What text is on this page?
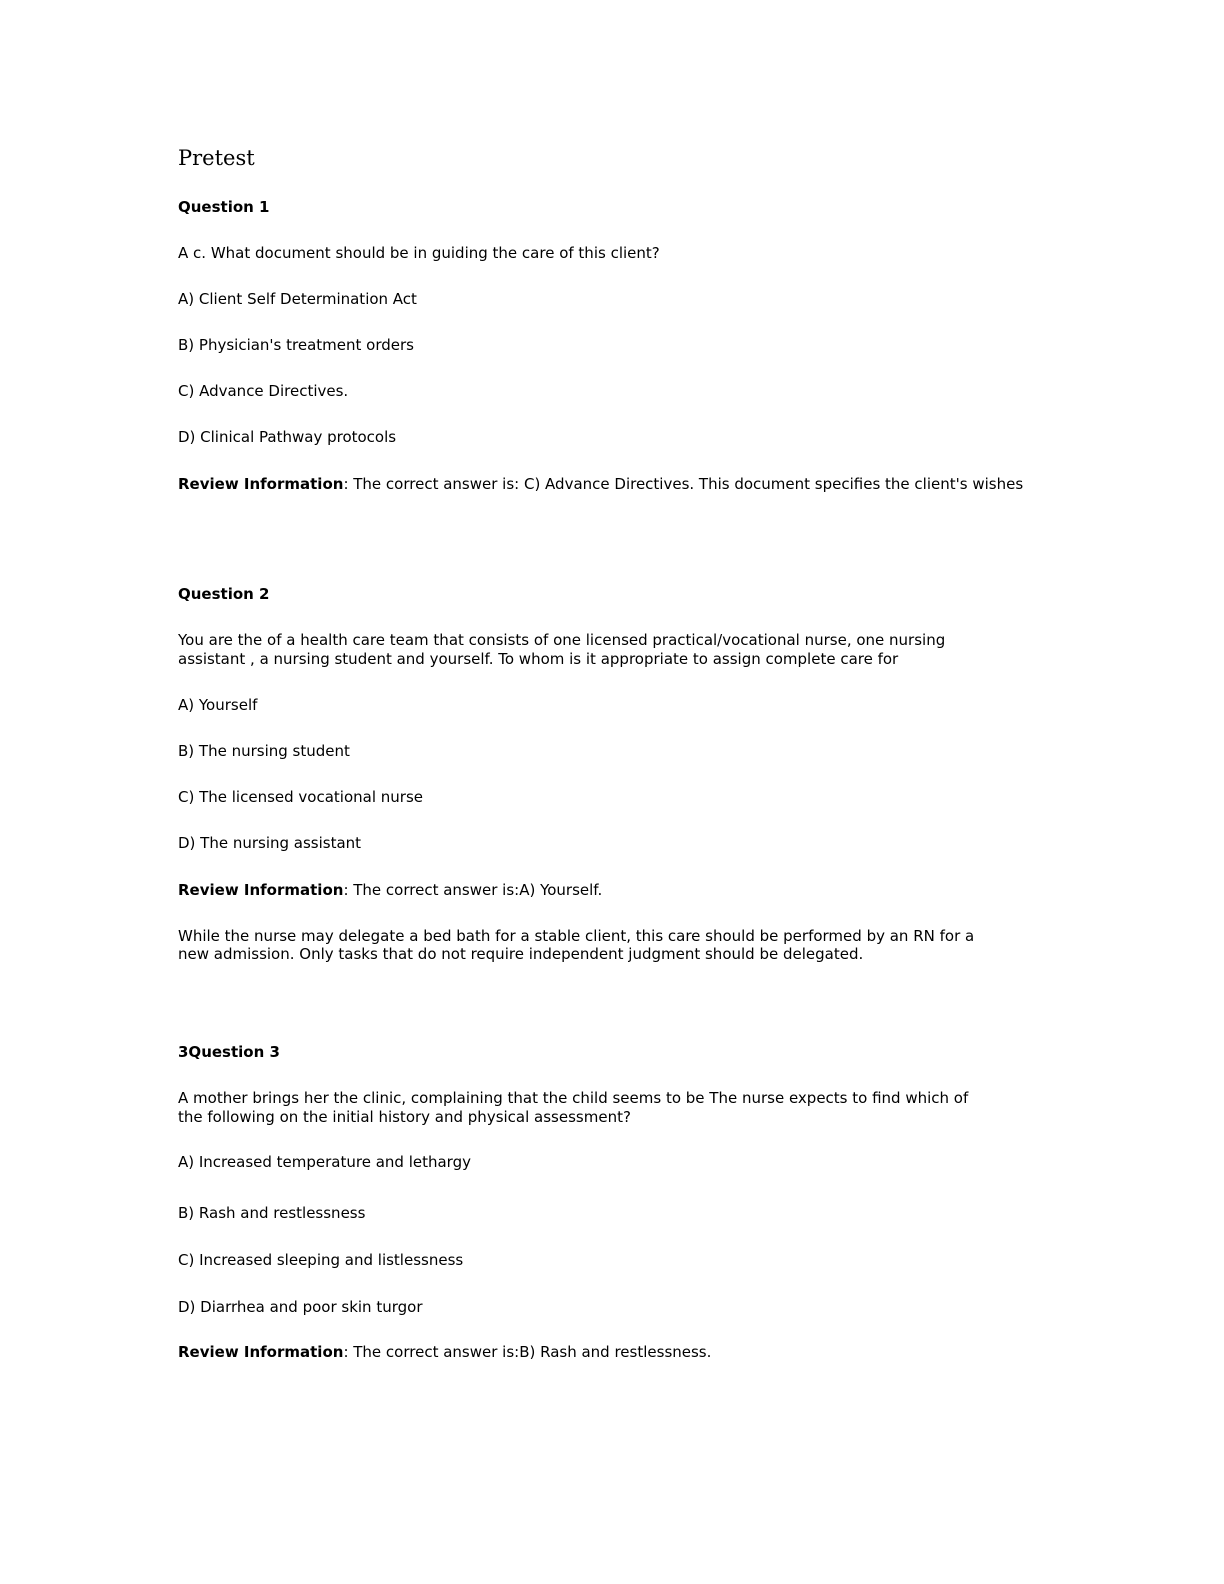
Pretest

Question 1

A c. What document should be in guiding the care of this client?

A) Client Self Determination Act

B) Physician's treatment orders

C) Advance Directives.

D) Clinical Pathway protocols

Review Information: The correct answer is: C) Advance Directives. This document specifies the client's wishes

Question 2

You are the of a health care team that consists of one licensed practical/vocational nurse, one nursing

assistant , a nursing student and yourself. To whom is it appropriate to assign complete care for

A) Yourself

B) The nursing student

C) The licensed vocational nurse

D) The nursing assistant

Review Information: The correct answer is:A) Yourself.

While the nurse may delegate a bed bath for a stable client, this care should be performed by an RN for a

new admission. Only tasks that do not require independent judgment should be delegated.

3Question 3

A mother brings her the clinic, complaining that the child seems to be The nurse expects to find which of

the following on the initial history and physical assessment?

A) Increased temperature and lethargy

B) Rash and restlessness

C) Increased sleeping and listlessness

D) Diarrhea and poor skin turgor

Review Information: The correct answer is:B) Rash and restlessness.
